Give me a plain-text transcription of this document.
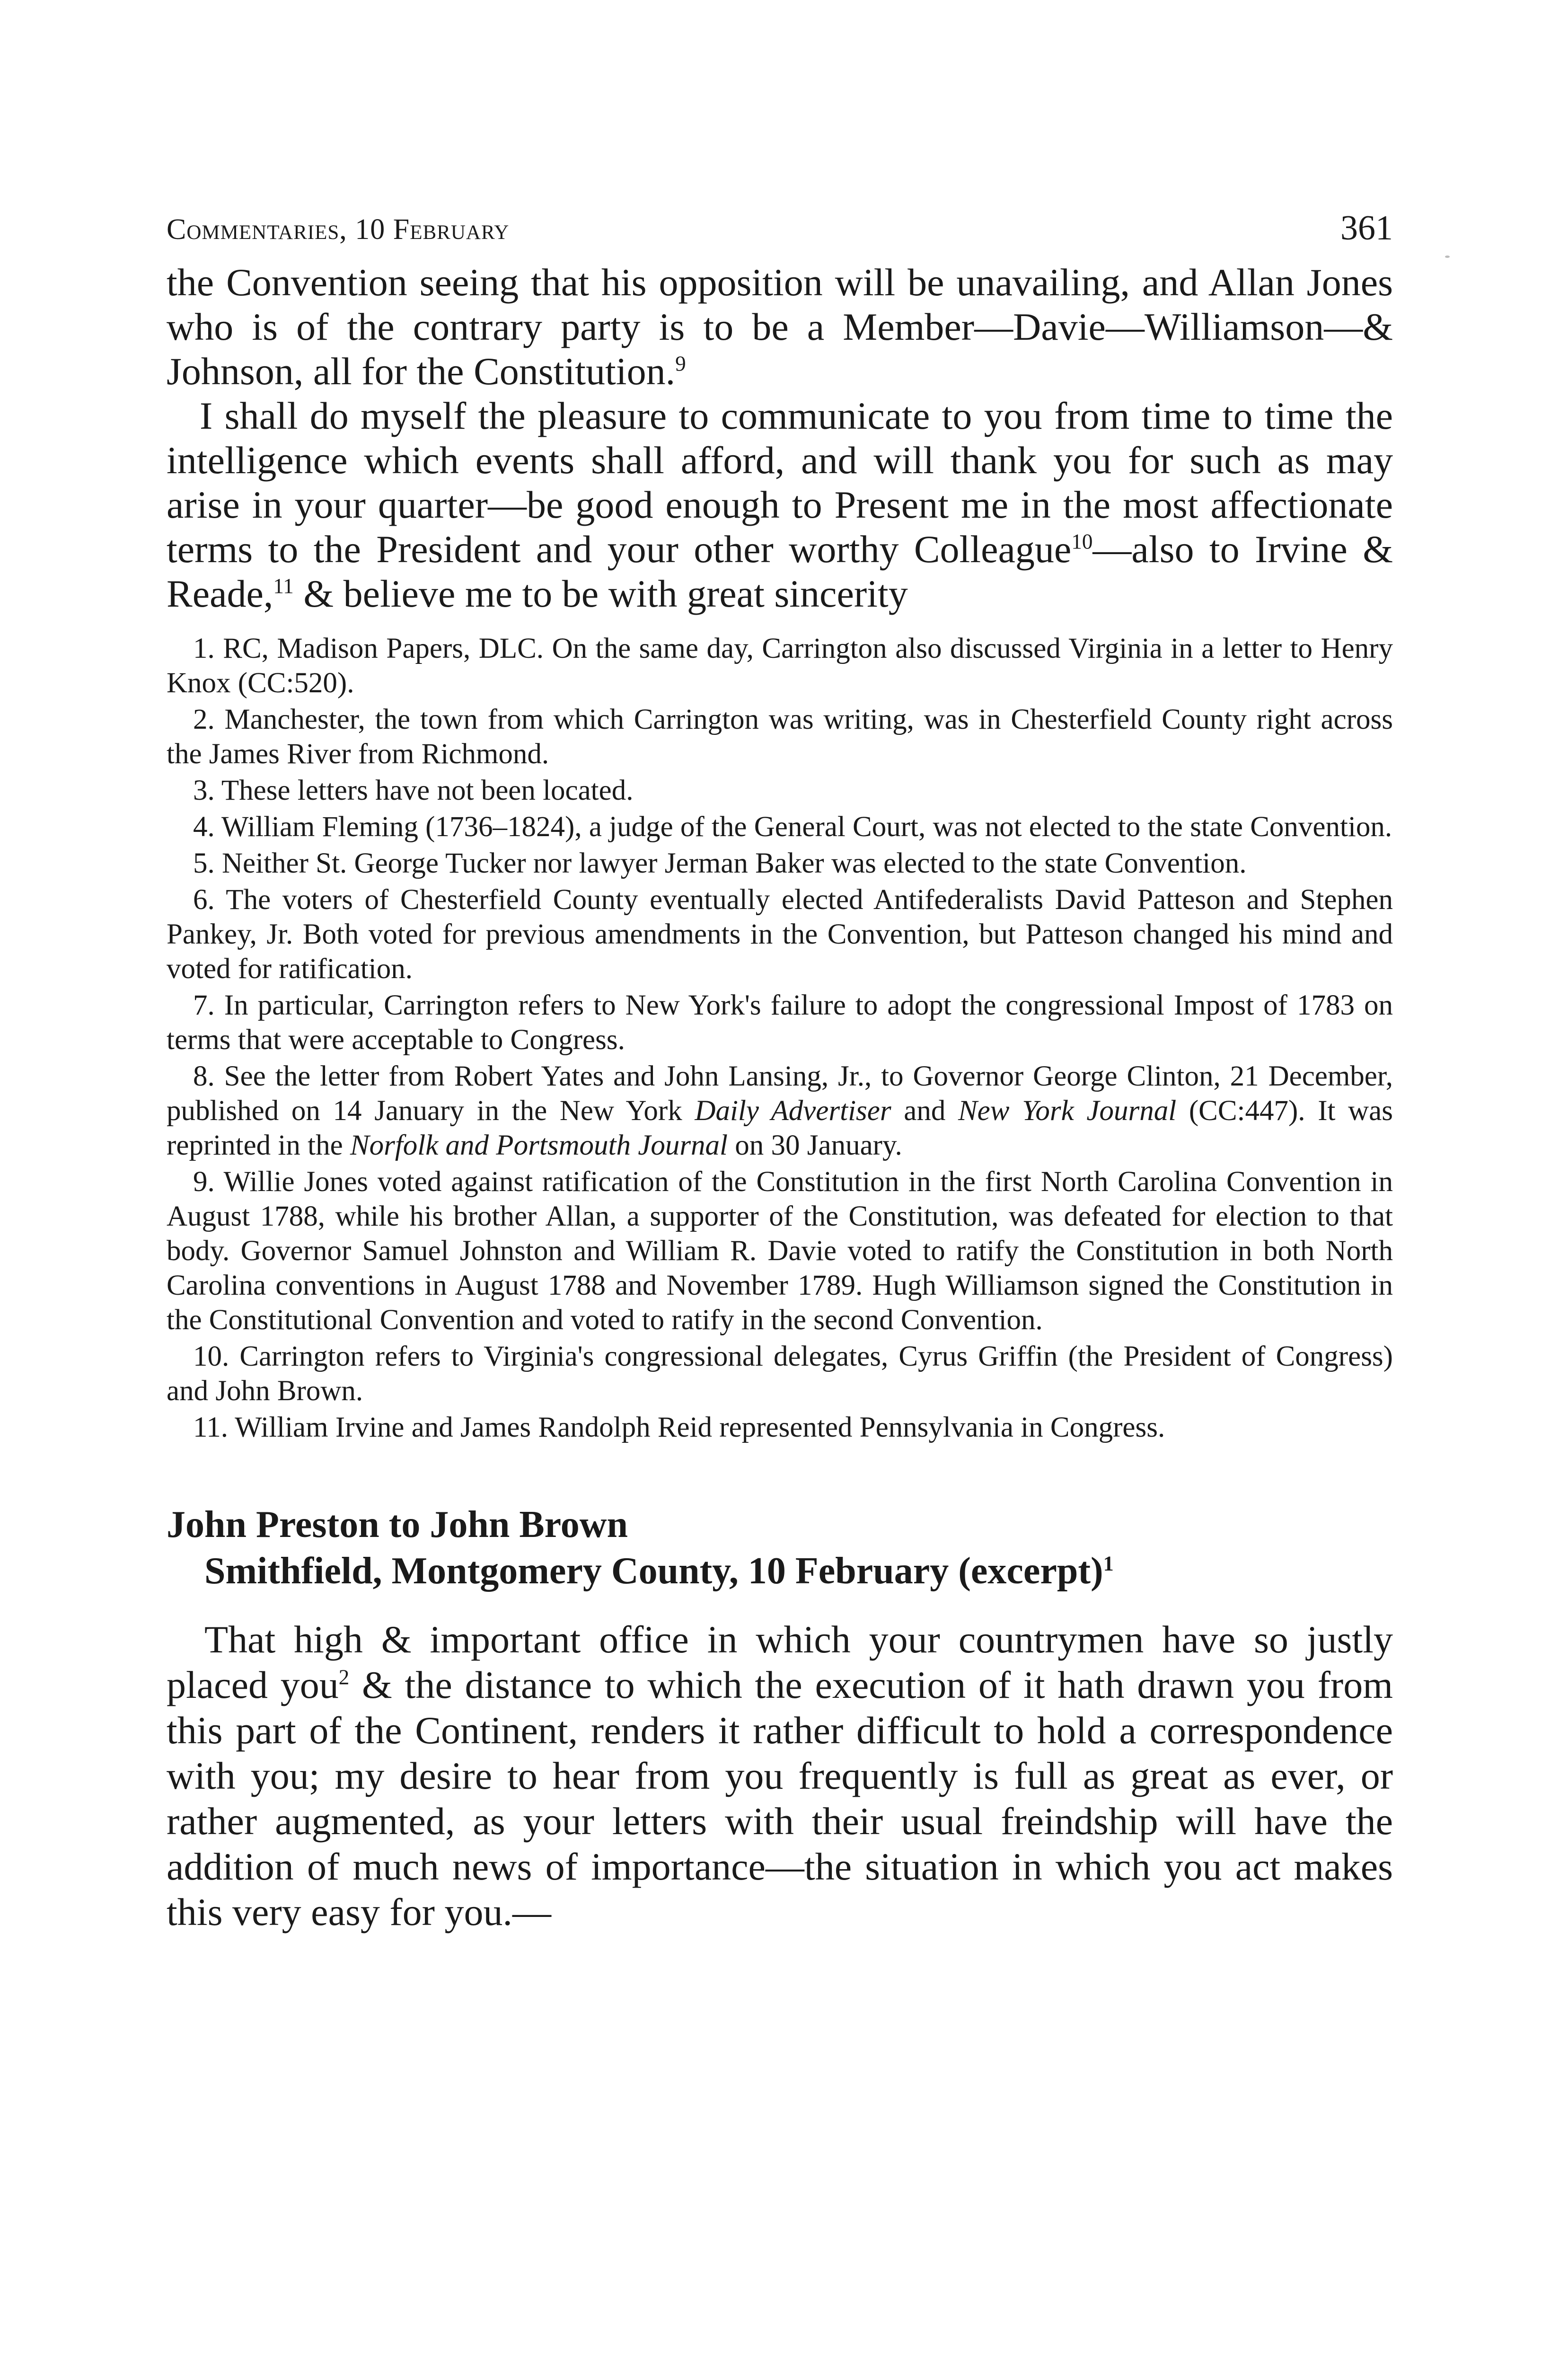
Commentaries, 10 February	361

the Convention seeing that his opposition will be unavailing, and Allan Jones who is of the contrary party is to be a Member—Davie—Williamson—& Johnson, all for the Constitution.$^9$

I shall do myself the pleasure to communicate to you from time to time the intelligence which events shall afford, and will thank you for such as may arise in your quarter—be good enough to Present me in the most affectionate terms to the President and your other worthy Colleague$^{10}$—also to Irvine & Reade,$^{11}$ & believe me to be with great sincerity

1. RC, Madison Papers, DLC. On the same day, Carrington also discussed Virginia in a letter to Henry Knox (CC:520).

2. Manchester, the town from which Carrington was writing, was in Chesterfield County right across the James River from Richmond.

3. These letters have not been located.

4. William Fleming (1736–1824), a judge of the General Court, was not elected to the state Convention.

5. Neither St. George Tucker nor lawyer Jerman Baker was elected to the state Convention.

6. The voters of Chesterfield County eventually elected Antifederalists David Patteson and Stephen Pankey, Jr. Both voted for previous amendments in the Convention, but Patteson changed his mind and voted for ratification.

7. In particular, Carrington refers to New York's failure to adopt the congressional Impost of 1783 on terms that were acceptable to Congress.

8. See the letter from Robert Yates and John Lansing, Jr., to Governor George Clinton, 21 December, published on 14 January in the New York Daily Advertiser and New York Journal (CC:447). It was reprinted in the Norfolk and Portsmouth Journal on 30 January.

9. Willie Jones voted against ratification of the Constitution in the first North Carolina Convention in August 1788, while his brother Allan, a supporter of the Constitution, was defeated for election to that body. Governor Samuel Johnston and William R. Davie voted to ratify the Constitution in both North Carolina conventions in August 1788 and November 1789. Hugh Williamson signed the Constitution in the Constitutional Convention and voted to ratify in the second Convention.

10. Carrington refers to Virginia's congressional delegates, Cyrus Griffin (the President of Congress) and John Brown.

11. William Irvine and James Randolph Reid represented Pennsylvania in Congress.

John Preston to John Brown
Smithfield, Montgomery County, 10 February (excerpt)$^1$

That high & important office in which your countrymen have so justly placed you$^2$ & the distance to which the execution of it hath drawn you from this part of the Continent, renders it rather difficult to hold a correspondence with you; my desire to hear from you frequently is full as great as ever, or rather augmented, as your letters with their usual freindship will have the addition of much news of importance—the situation in which you act makes this very easy for you.—
